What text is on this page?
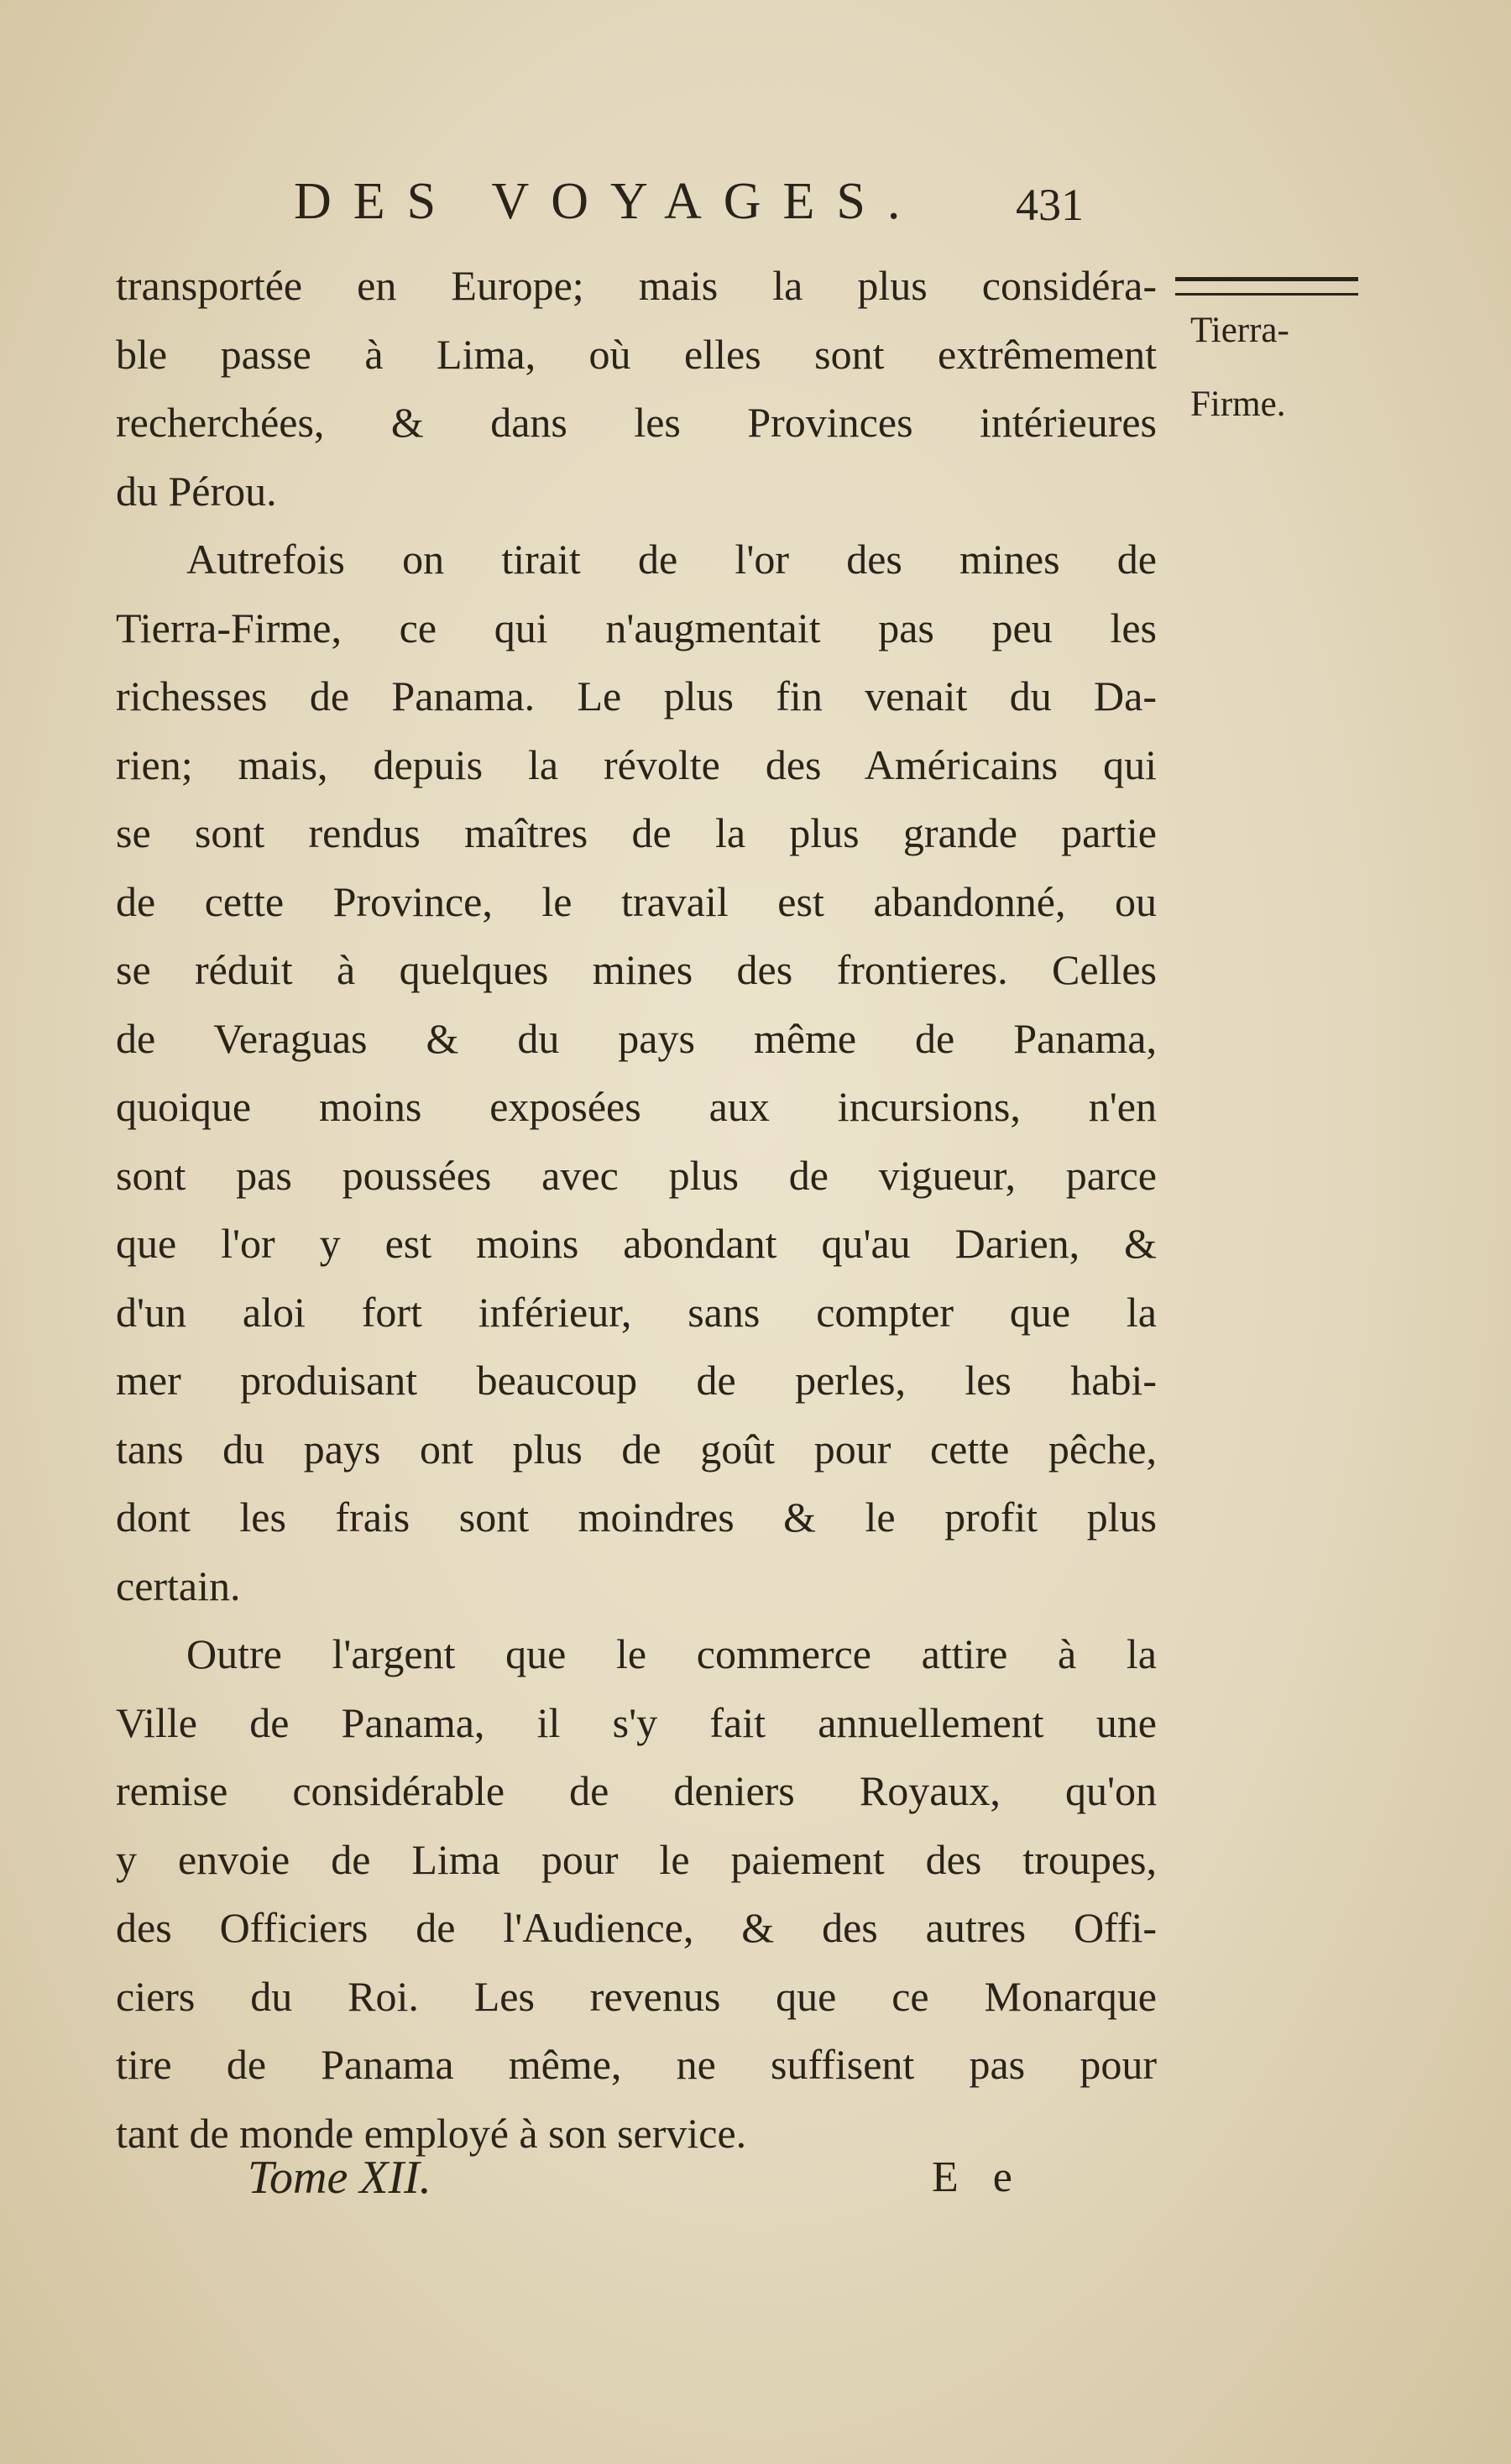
DES VOYAGES. 431
Tierra-
Firme.
transportée en Europe; mais la plus considéra-
ble passe à Lima, où elles sont extrêmement
recherchées, & dans les Provinces intérieures
du Pérou.
Autrefois on tirait de l'or des mines de
Tierra-Firme, ce qui n'augmentait pas peu les
richesses de Panama. Le plus fin venait du Da-
rien; mais, depuis la révolte des Américains qui
se sont rendus maîtres de la plus grande partie
de cette Province, le travail est abandonné, ou
se réduit à quelques mines des frontieres. Celles
de Veraguas & du pays même de Panama,
quoique moins exposées aux incursions, n'en
sont pas poussées avec plus de vigueur, parce
que l'or y est moins abondant qu'au Darien, &
d'un aloi fort inférieur, sans compter que la
mer produisant beaucoup de perles, les habi-
tans du pays ont plus de goût pour cette pêche,
dont les frais sont moindres & le profit plus
certain.
Outre l'argent que le commerce attire à la
Ville de Panama, il s'y fait annuellement une
remise considérable de deniers Royaux, qu'on
y envoie de Lima pour le paiement des troupes,
des Officiers de l'Audience, & des autres Offi-
ciers du Roi. Les revenus que ce Monarque
tire de Panama même, ne suffisent pas pour
tant de monde employé à son service.
Tome XII.	E e
